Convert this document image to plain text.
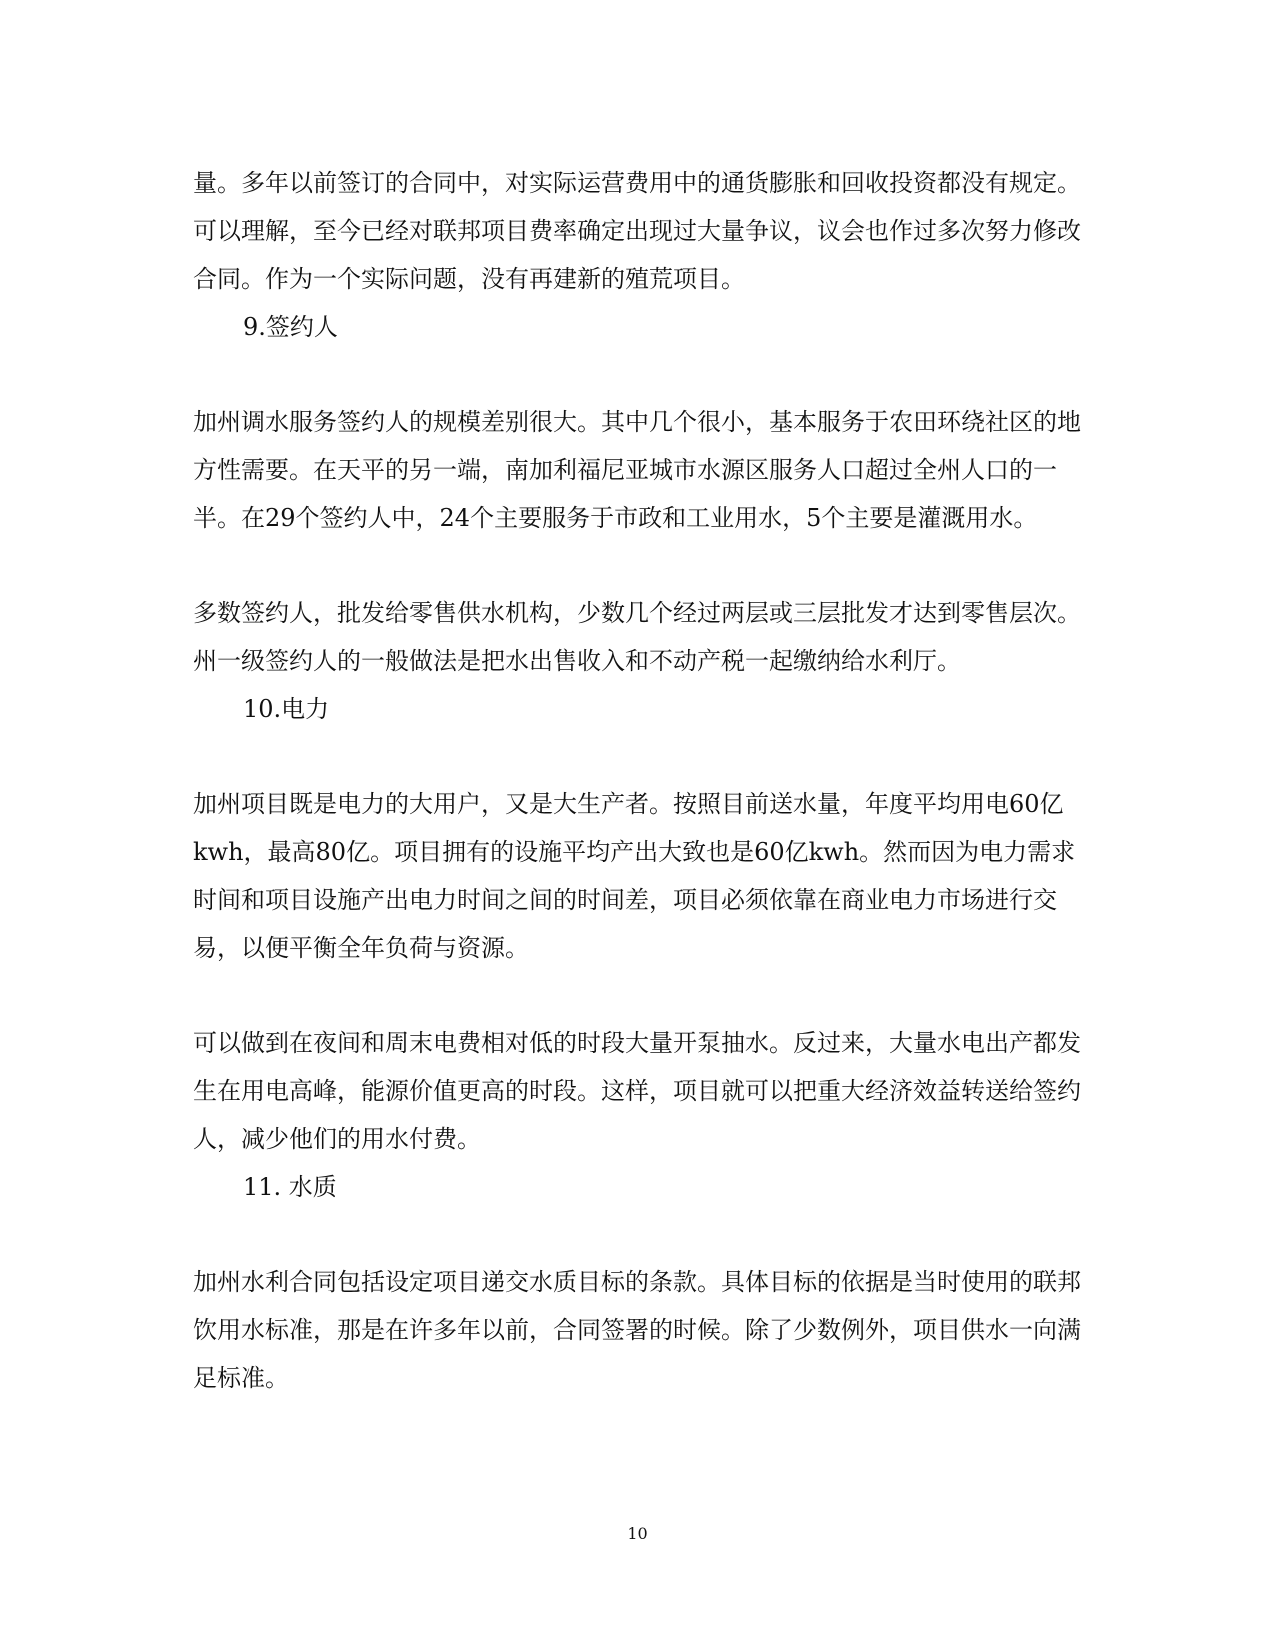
量。多年以前签订的合同中，对实际运营费用中的通货膨胀和回收投资都没有规定。可以理解，至今已经对联邦项目费率确定出现过大量争议，议会也作过多次努力修改合同。作为一个实际问题，没有再建新的殖荒项目。

9.签约人

加州调水服务签约人的规模差别很大。其中几个很小，基本服务于农田环绕社区的地方性需要。在天平的另一端，南加利福尼亚城市水源区服务人口超过全州人口的一半。在29个签约人中，24个主要服务于市政和工业用水，5个主要是灌溉用水。

多数签约人，批发给零售供水机构，少数几个经过两层或三层批发才达到零售层次。州一级签约人的一般做法是把水出售收入和不动产税一起缴纳给水利厅。

10.电力

加州项目既是电力的大用户，又是大生产者。按照目前送水量，年度平均用电60亿kwh，最高80亿。项目拥有的设施平均产出大致也是60亿kwh。然而因为电力需求时间和项目设施产出电力时间之间的时间差，项目必须依靠在商业电力市场进行交易，以便平衡全年负荷与资源。

可以做到在夜间和周末电费相对低的时段大量开泵抽水。反过来，大量水电出产都发生在用电高峰，能源价值更高的时段。这样，项目就可以把重大经济效益转送给签约人，减少他们的用水付费。

11. 水质

加州水利合同包括设定项目递交水质目标的条款。具体目标的依据是当时使用的联邦饮用水标准，那是在许多年以前，合同签署的时候。除了少数例外，项目供水一向满足标准。

10
